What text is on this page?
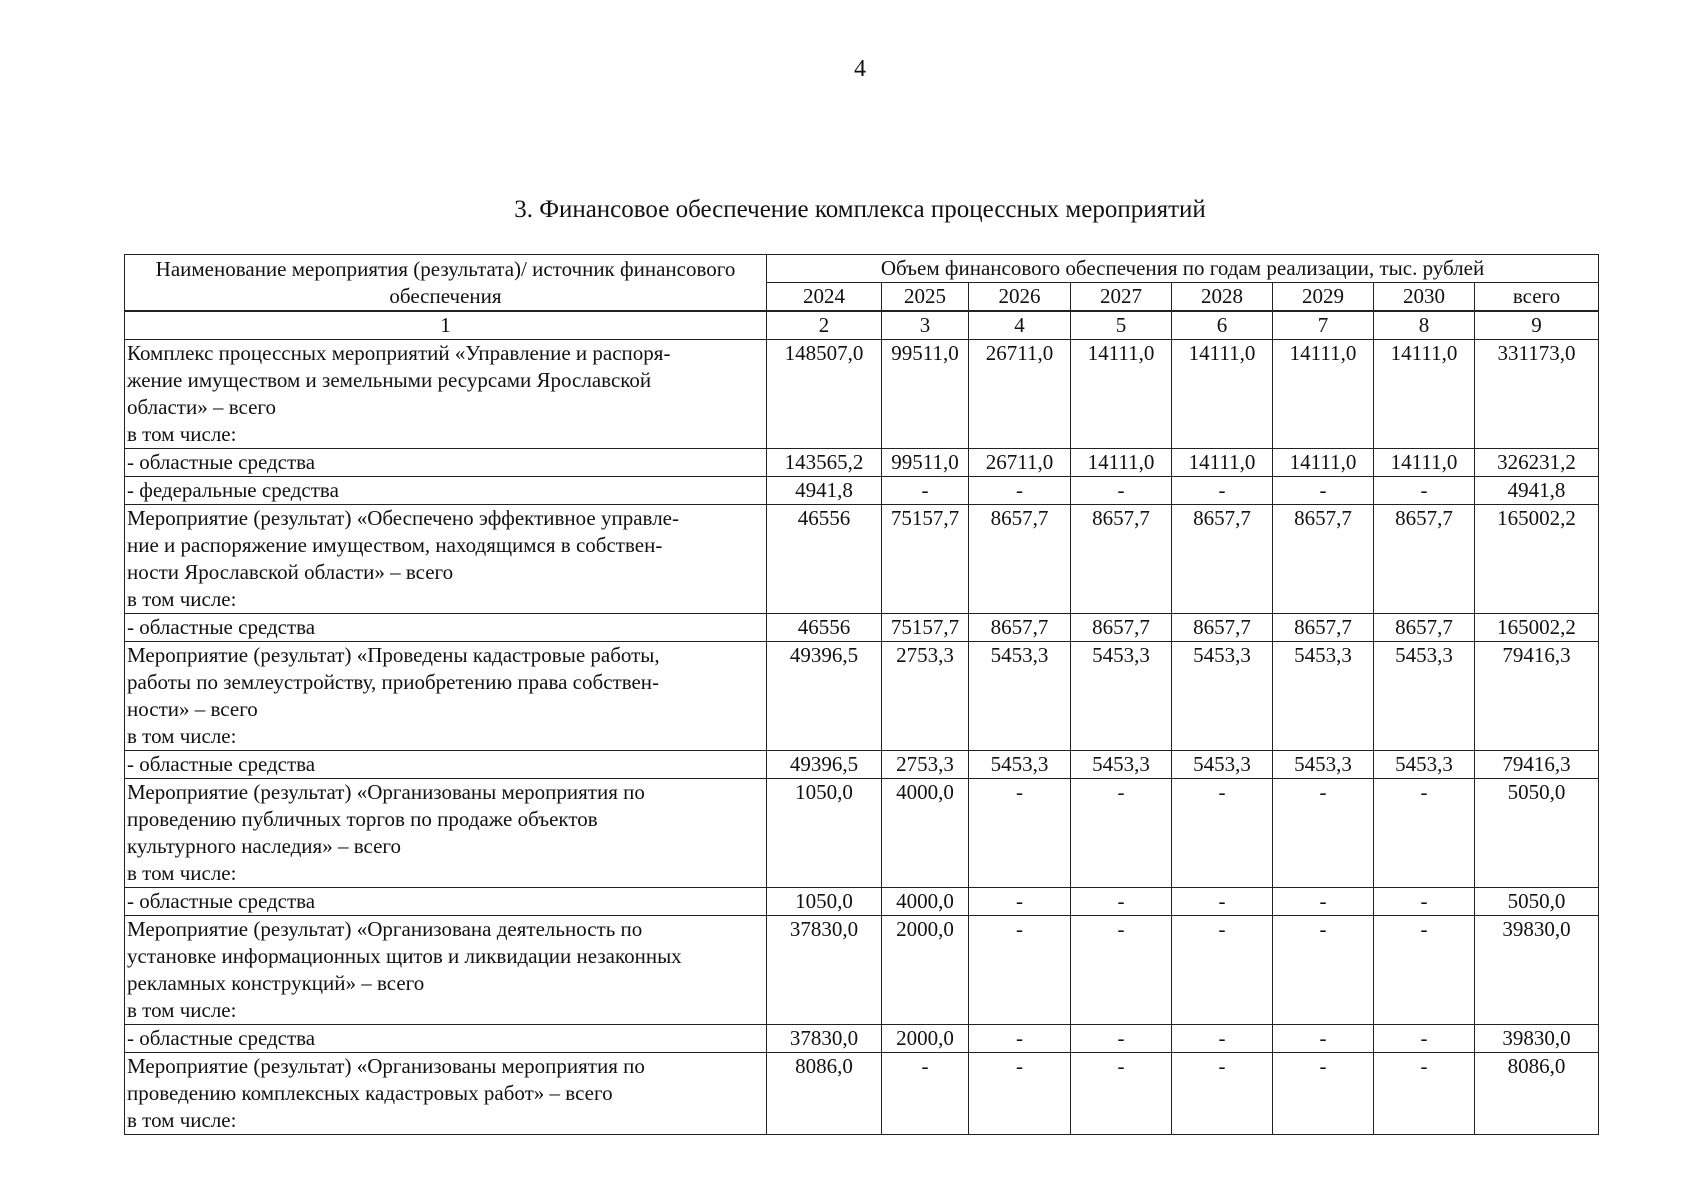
4
3. Финансовое обеспечение комплекса процессных мероприятий
Наименование мероприятия (результата)/ источник финансового обеспечения	Объем финансового обеспечения по годам реализации, тыс. рублей							
	2024	2025	2026	2027	2028	2029	2030	всего
1	2	3	4	5	6	7	8	9
Комплекс процессных мероприятий «Управление и распоря-
жение имуществом и земельными ресурсами Ярославской
области» – всего
в том числе:	148507,0	99511,0	26711,0	14111,0	14111,0	14111,0	14111,0	331173,0
- областные средства	143565,2	99511,0	26711,0	14111,0	14111,0	14111,0	14111,0	326231,2
- федеральные средства	4941,8	-	-	-	-	-	-	4941,8
Мероприятие (результат) «Обеспечено эффективное управле-
ние и распоряжение имуществом, находящимся в собствен-
ности Ярославской области» – всего
в том числе:	46556	75157,7	8657,7	8657,7	8657,7	8657,7	8657,7	165002,2
- областные средства	46556	75157,7	8657,7	8657,7	8657,7	8657,7	8657,7	165002,2
Мероприятие (результат) «Проведены кадастровые работы,
работы по землеустройству, приобретению права собствен-
ности» – всего
в том числе:	49396,5	2753,3	5453,3	5453,3	5453,3	5453,3	5453,3	79416,3
- областные средства	49396,5	2753,3	5453,3	5453,3	5453,3	5453,3	5453,3	79416,3
Мероприятие (результат) «Организованы мероприятия по
проведению публичных торгов по продаже объектов
культурного наследия» – всего
в том числе:	1050,0	4000,0	-	-	-	-	-	5050,0
- областные средства	1050,0	4000,0	-	-	-	-	-	5050,0
Мероприятие (результат) «Организована деятельность по
установке информационных щитов и ликвидации незаконных
рекламных конструкций» – всего
в том числе:	37830,0	2000,0	-	-	-	-	-	39830,0
- областные средства	37830,0	2000,0	-	-	-	-	-	39830,0
Мероприятие (результат) «Организованы мероприятия по
проведению комплексных кадастровых работ» – всего
в том числе:	8086,0	-	-	-	-	-	-	8086,0
